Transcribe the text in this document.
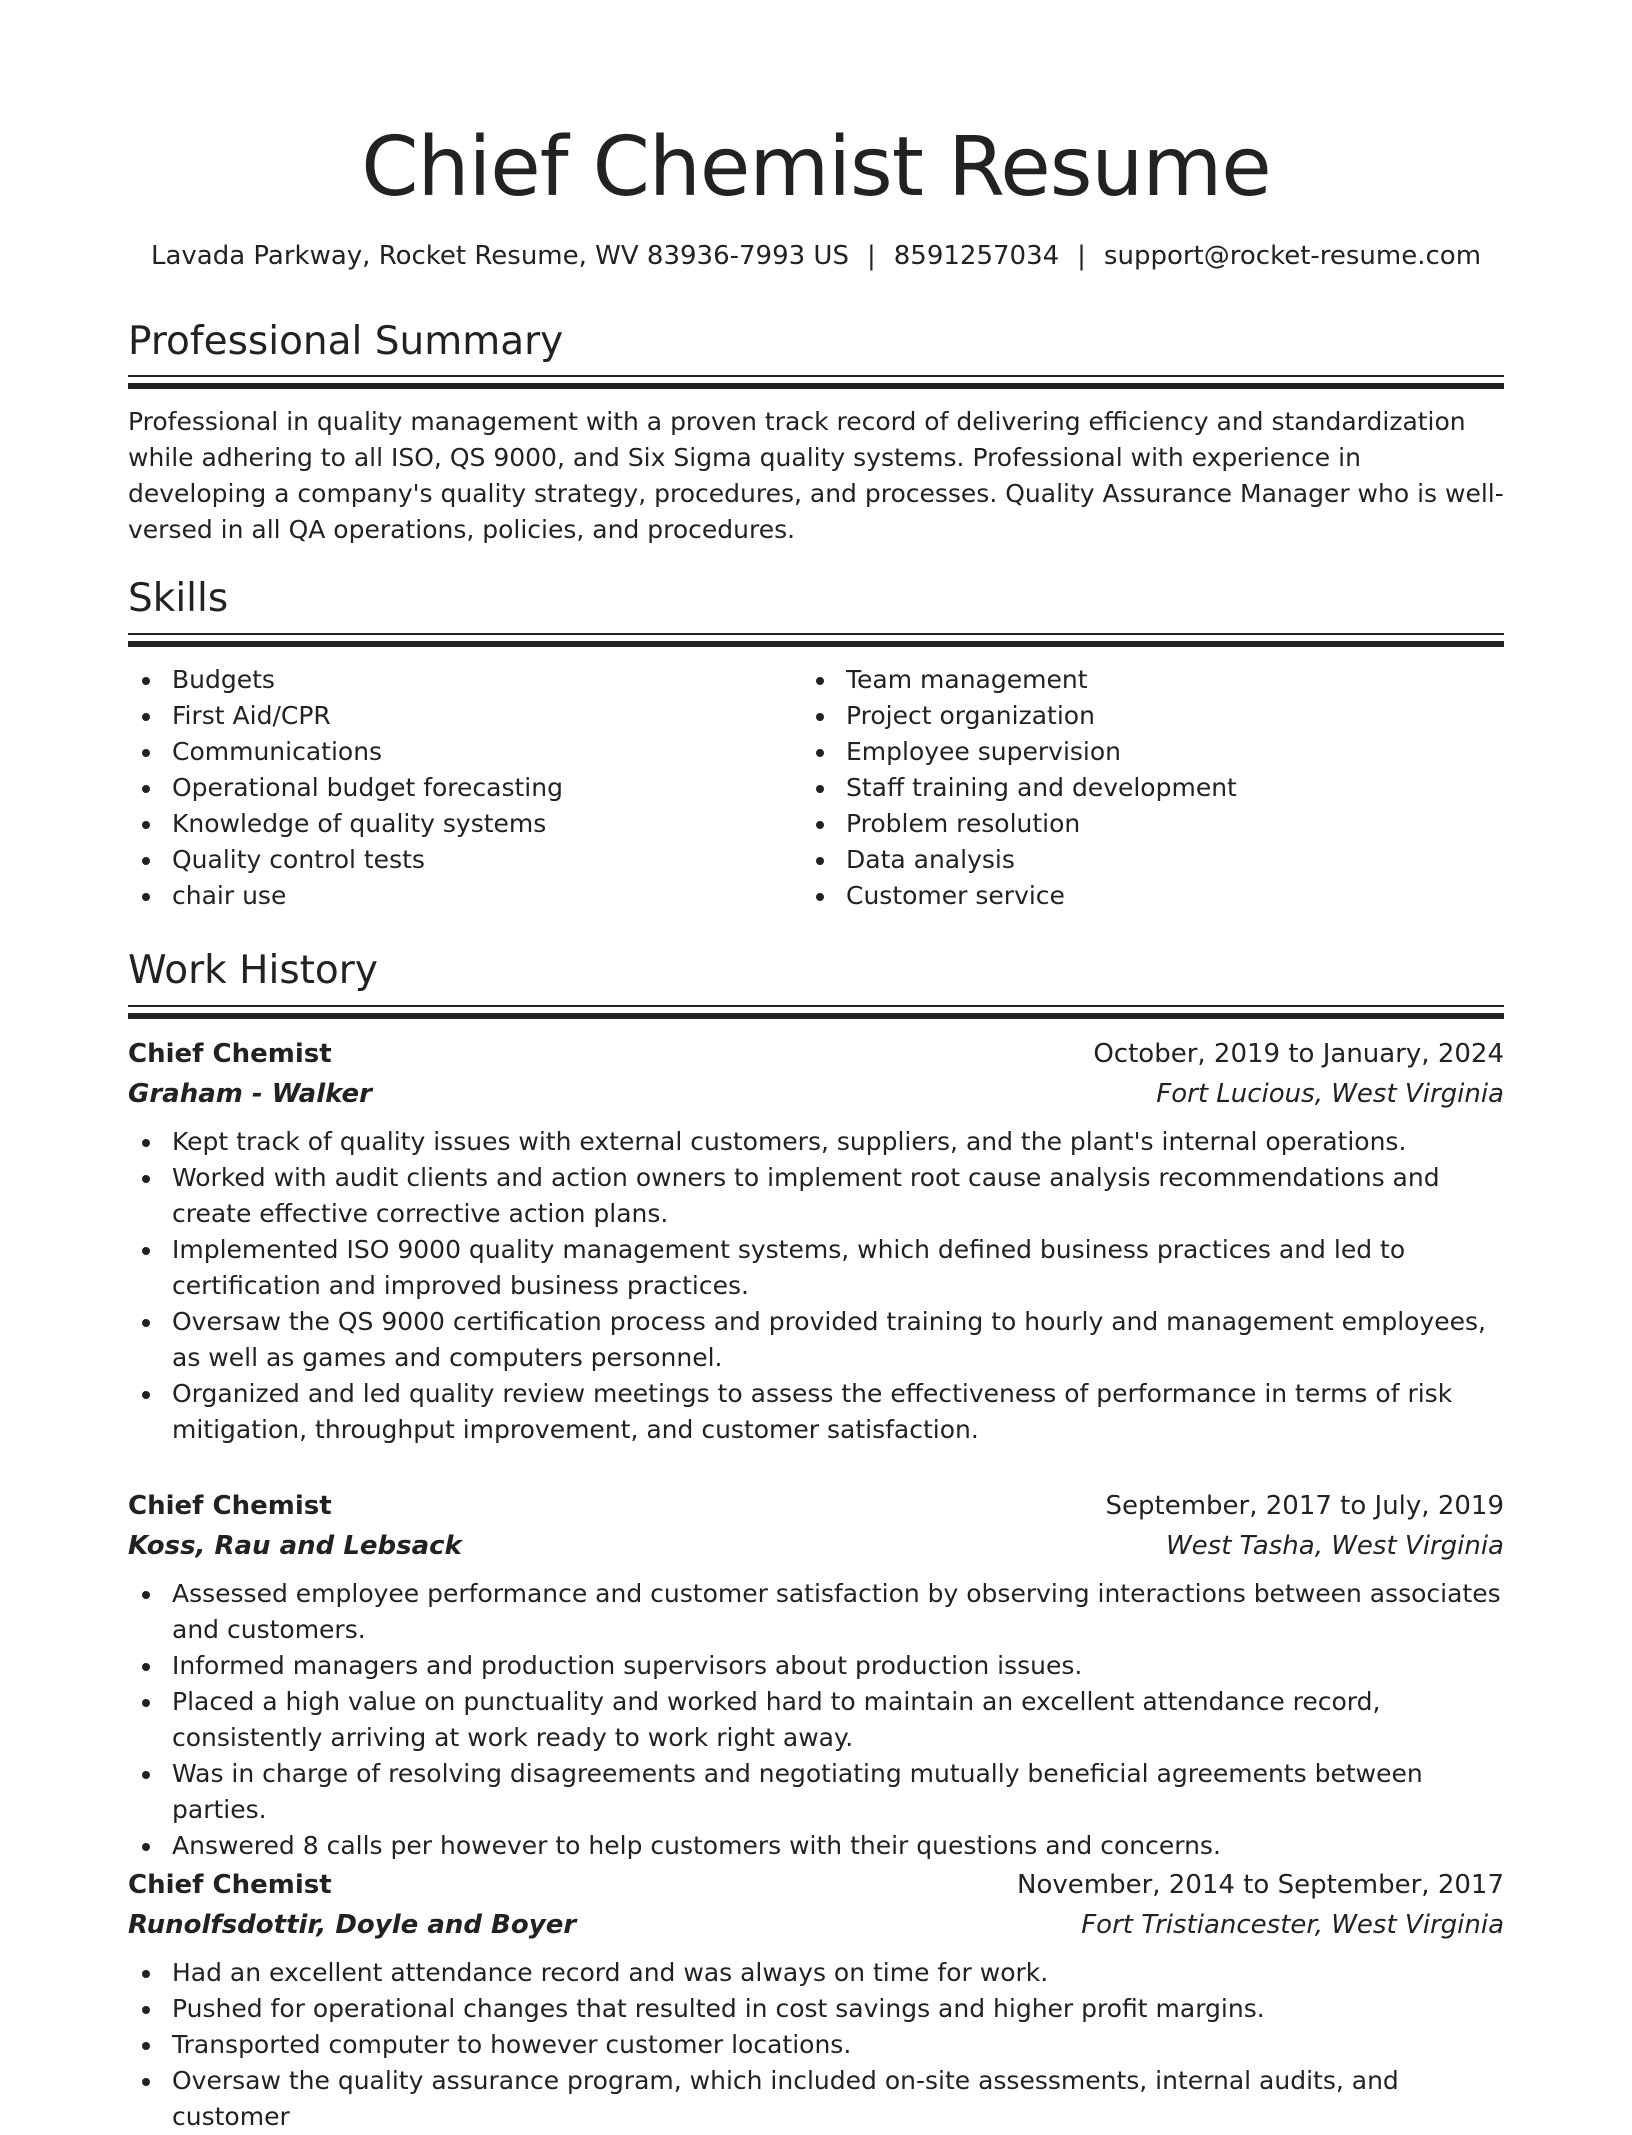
Chief Chemist Resume
Lavada Parkway, Rocket Resume, WV 83936-7993 US | 8591257034 | support@rocket-resume.com
Professional Summary
Professional in quality management with a proven track record of delivering efficiency and standardization while adhering to all ISO, QS 9000, and Six Sigma quality systems. Professional with experience in developing a company's quality strategy, procedures, and processes. Quality Assurance Manager who is well-versed in all QA operations, policies, and procedures.
Skills
Budgets
First Aid/CPR
Communications
Operational budget forecasting
Knowledge of quality systems
Quality control tests
chair use
Team management
Project organization
Employee supervision
Staff training and development
Problem resolution
Data analysis
Customer service
Work History
Chief Chemist	October, 2019 to January, 2024
Graham - Walker	Fort Lucious, West Virginia
Kept track of quality issues with external customers, suppliers, and the plant's internal operations.
Worked with audit clients and action owners to implement root cause analysis recommendations and create effective corrective action plans.
Implemented ISO 9000 quality management systems, which defined business practices and led to certification and improved business practices.
Oversaw the QS 9000 certification process and provided training to hourly and management employees, as well as games and computers personnel.
Organized and led quality review meetings to assess the effectiveness of performance in terms of risk mitigation, throughput improvement, and customer satisfaction.
Chief Chemist	September, 2017 to July, 2019
Koss, Rau and Lebsack	West Tasha, West Virginia
Assessed employee performance and customer satisfaction by observing interactions between associates and customers.
Informed managers and production supervisors about production issues.
Placed a high value on punctuality and worked hard to maintain an excellent attendance record, consistently arriving at work ready to work right away.
Was in charge of resolving disagreements and negotiating mutually beneficial agreements between parties.
Answered 8 calls per however to help customers with their questions and concerns.
Chief Chemist	November, 2014 to September, 2017
Runolfsdottir, Doyle and Boyer	Fort Tristiancester, West Virginia
Had an excellent attendance record and was always on time for work.
Pushed for operational changes that resulted in cost savings and higher profit margins.
Transported computer to however customer locations.
Oversaw the quality assurance program, which included on-site assessments, internal audits, and customer
